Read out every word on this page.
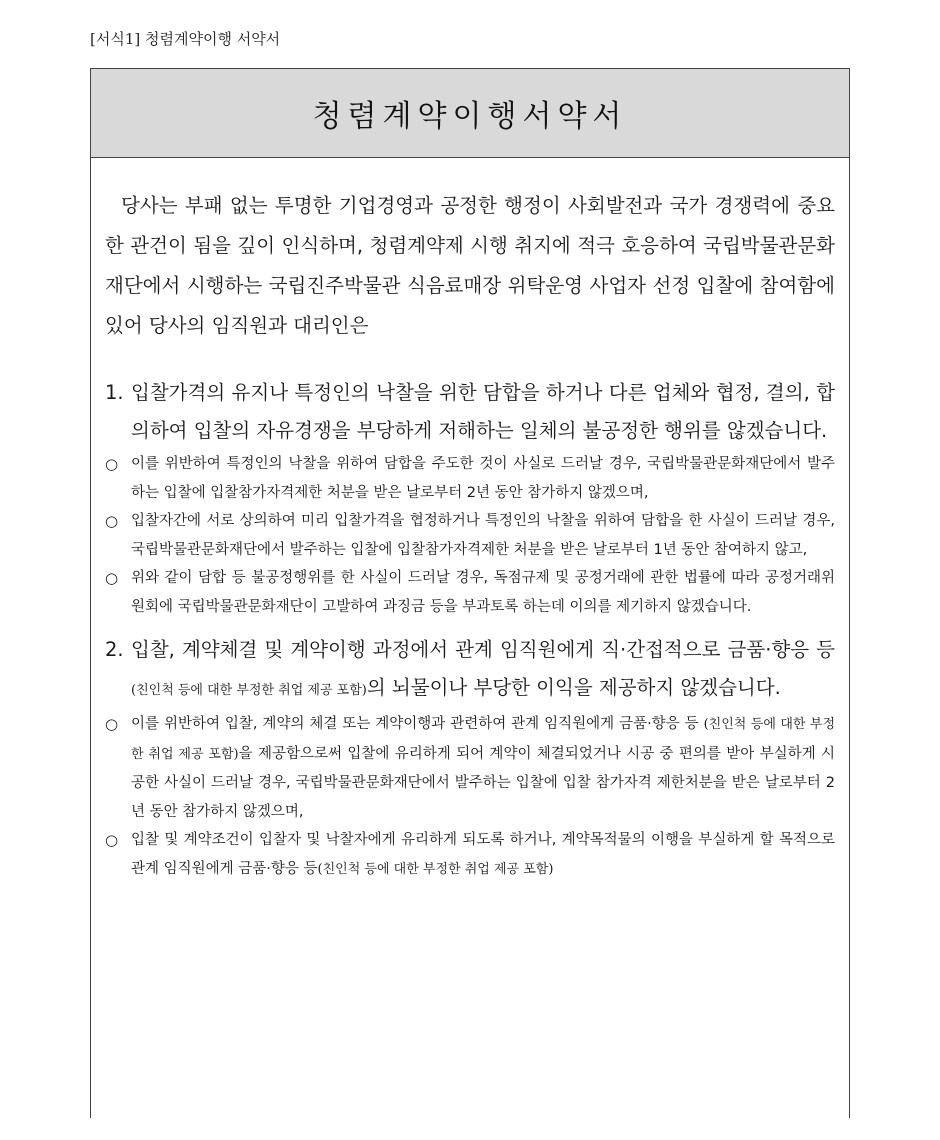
[서식1] 청렴계약이행 서약서
청렴계약이행서약서

당사는 부패 없는 투명한 기업경영과 공정한 행정이 사회발전과 국가 경쟁력에 중요한 관건이 됨을 깊이 인식하며, 청렴계약제 시행 취지에 적극 호응하여 국립박물관문화재단에서 시행하는 국립진주박물관 식음료매장 위탁운영 사업자 선정 입찰에 참여함에 있어 당사의 임직원과 대리인은

1. 입찰가격의 유지나 특정인의 낙찰을 위한 담합을 하거나 다른 업체와 협정, 결의, 합의하여 입찰의 자유경쟁을 부당하게 저해하는 일체의 불공정한 행위를 않겠습니다.
○ 이를 위반하여 특정인의 낙찰을 위하여 담합을 주도한 것이 사실로 드러날 경우, 국립박물관문화재단에서 발주하는 입찰에 입찰참가자격제한 처분을 받은 날로부터 2년 동안 참가하지 않겠으며,
○ 입찰자간에 서로 상의하여 미리 입찰가격을 협정하거나 특정인의 낙찰을 위하여 담합을 한 사실이 드러날 경우, 국립박물관문화재단에서 발주하는 입찰에 입찰참가자격제한 처분을 받은 날로부터 1년 동안 참여하지 않고,
○ 위와 같이 담합 등 불공정행위를 한 사실이 드러날 경우, 독점규제 및 공정거래에 관한 법률에 따라 공정거래위원회에 국립박물관문화재단이 고발하여 과징금 등을 부과토록 하는데 이의를 제기하지 않겠습니다.
2. 입찰, 계약체결 및 계약이행 과정에서 관계 임직원에게 직·간접적으로 금품·향응 등(친인척 등에 대한 부정한 취업 제공 포함)의 뇌물이나 부당한 이익을 제공하지 않겠습니다.
○ 이를 위반하여 입찰, 계약의 체결 또는 계약이행과 관련하여 관계 임직원에게 금품·향응 등 (친인척 등에 대한 부정한 취업 제공 포함)을 제공함으로써 입찰에 유리하게 되어 계약이 체결되었거나 시공 중 편의를 받아 부실하게 시공한 사실이 드러날 경우, 국립박물관문화재단에서 발주하는 입찰에 입찰 참가자격 제한처분을 받은 날로부터 2년 동안 참가하지 않겠으며,
○ 입찰 및 계약조건이 입찰자 및 낙찰자에게 유리하게 되도록 하거나, 계약목적물의 이행을 부실하게 할 목적으로 관계 임직원에게 금품·향응 등(친인척 등에 대한 부정한 취업 제공 포함)
